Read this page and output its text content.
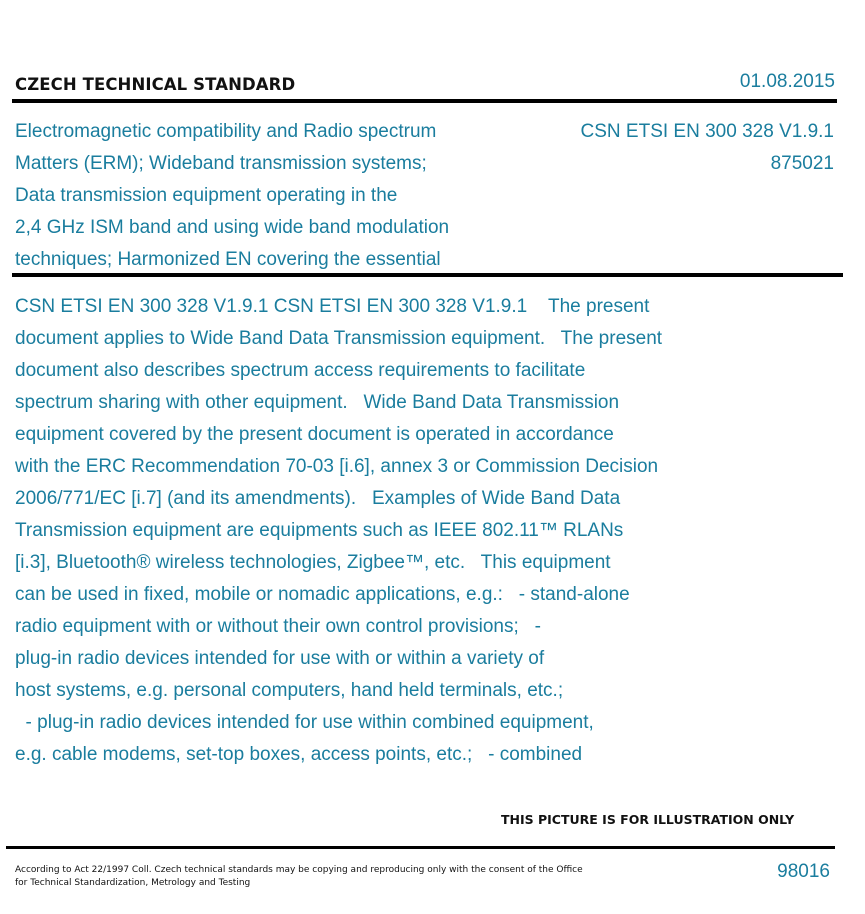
CZECH TECHNICAL STANDARD	01.08.2015
Electromagnetic compatibility and Radio spectrum
Matters (ERM); Wideband transmission systems;
Data transmission equipment operating in the
2,4 GHz ISM band and using wide band modulation
techniques; Harmonized EN covering the essential
CSN ETSI EN 300 328 V1.9.1
875021
CSN ETSI EN 300 328 V1.9.1 CSN ETSI EN 300 328 V1.9.1    The present
document applies to Wide Band Data Transmission equipment.   The present
document also describes spectrum access requirements to facilitate
spectrum sharing with other equipment.   Wide Band Data Transmission
equipment covered by the present document is operated in accordance
with the ERC Recommendation 70-03 [i.6], annex 3 or Commission Decision
2006/771/EC [i.7] (and its amendments).   Examples of Wide Band Data
Transmission equipment are equipments such as IEEE 802.11™ RLANs
[i.3], Bluetooth® wireless technologies, Zigbee™, etc.   This equipment
can be used in fixed, mobile or nomadic applications, e.g.:   - stand-alone
radio equipment with or without their own control provisions;   -
plug-in radio devices intended for use with or within a variety of
host systems, e.g. personal computers, hand held terminals, etc.;
- plug-in radio devices intended for use within combined equipment,
e.g. cable modems, set-top boxes, access points, etc.;   - combined
THIS PICTURE IS FOR ILLUSTRATION ONLY
According to Act 22/1997 Coll. Czech technical standards may be copying and reproducing only with the consent of the Office
for Technical Standardization, Metrology and Testing
98016
